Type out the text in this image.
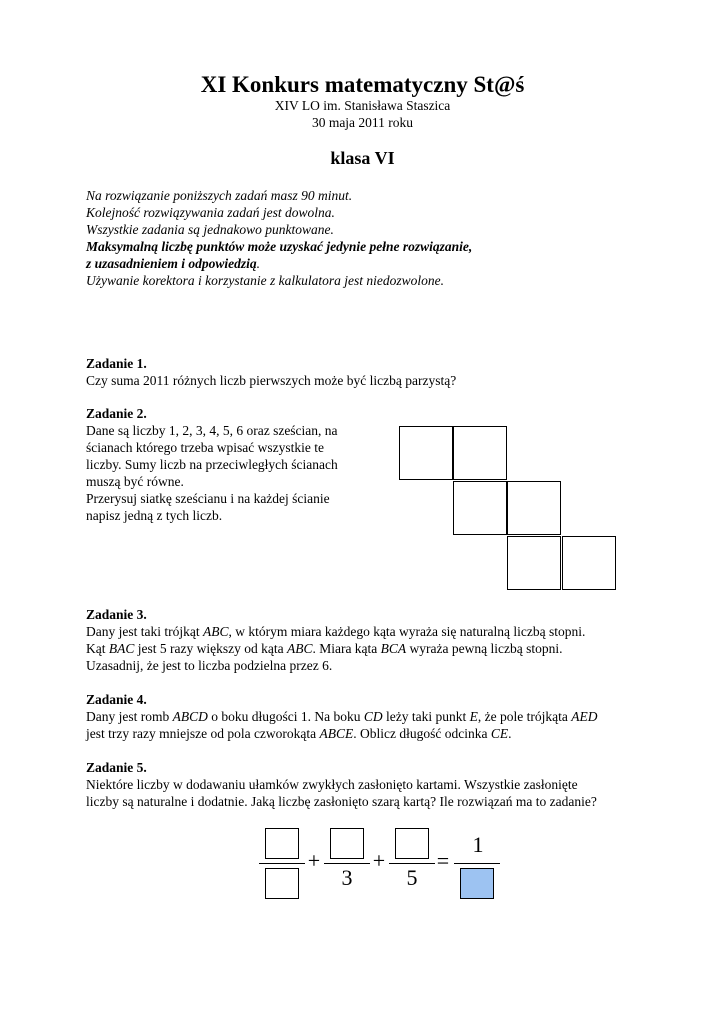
XI Konkurs matematyczny St@ś
XIV LO im. Stanisława Staszica
30 maja 2011 roku
klasa VI
Na rozwiązanie poniższych zadań masz 90 minut.
Kolejność rozwiązywania zadań jest dowolna.
Wszystkie zadania są jednakowo punktowane.
Maksymalną liczbę punktów może uzyskać jedynie pełne rozwiązanie,
z uzasadnieniem i odpowiedzią.
Używanie korektora i korzystanie z kalkulatora jest niedozwolone.
Zadanie 1.
Czy suma 2011 różnych liczb pierwszych może być liczbą parzystą?
Zadanie 2.
Dane są liczby 1, 2, 3, 4, 5, 6 oraz sześcian, na
ścianach którego trzeba wpisać wszystkie te
liczby. Sumy liczb na przeciwległych ścianach
muszą być równe.
Przerysuj siatkę sześcianu i na każdej ścianie
napisz jedną z tych liczb.
Zadanie 3.
Dany jest taki trójkąt ABC, w którym miara każdego kąta wyraża się naturalną liczbą stopni.
Kąt BAC jest 5 razy większy od kąta ABC. Miara kąta BCA wyraża pewną liczbą stopni.
Uzasadnij, że jest to liczba podzielna przez 6.
Zadanie 4.
Dany jest romb ABCD o boku długości 1. Na boku CD leży taki punkt E, że pole trójkąta AED
jest trzy razy mniejsze od pola czworokąta ABCE. Oblicz długość odcinka CE.
Zadanie 5.
Niektóre liczby w dodawaniu ułamków zwykłych zasłonięto kartami. Wszystkie zasłonięte
liczby są naturalne i dodatnie. Jaką liczbę zasłonięto szarą kartą? Ile rozwiązań ma to zadanie?
+
3
+
5
=
1
